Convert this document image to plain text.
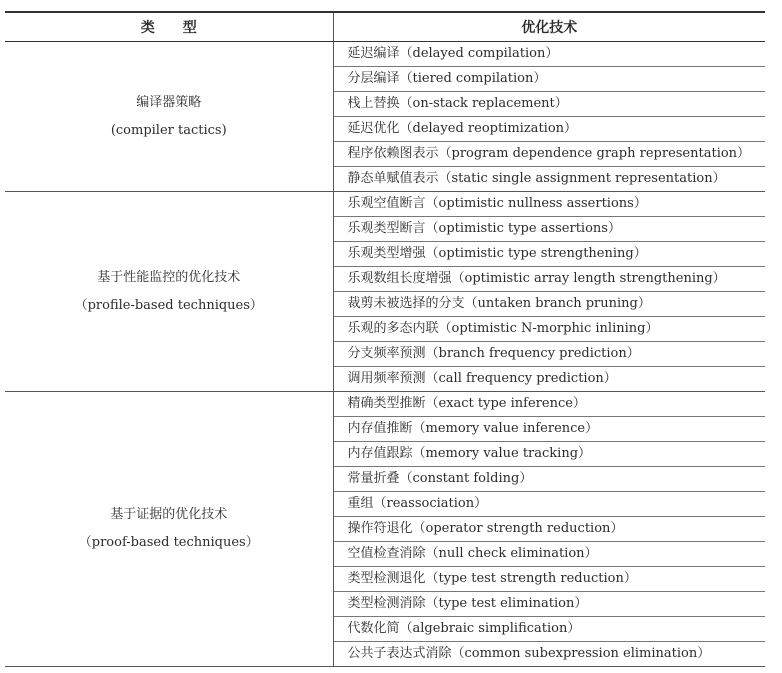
类型	优化技术

编译器策略
(compiler tactics)	延迟编译（delayed compilation）
	分层编译（tiered compilation）
	栈上替换（on-stack replacement）
	延迟优化（delayed reoptimization）
	程序依赖图表示（program dependence graph representation）
	静态单赋值表示（static single assignment representation）

基于性能监控的优化技术
（profile-based techniques）	乐观空值断言（optimistic nullness assertions）
	乐观类型断言（optimistic type assertions）
	乐观类型增强（optimistic type strengthening）
	乐观数组长度增强（optimistic array length strengthening）
	裁剪未被选择的分支（untaken branch pruning）
	乐观的多态内联（optimistic N-morphic inlining）
	分支频率预测（branch frequency prediction）
	调用频率预测（call frequency prediction）

基于证据的优化技术
（proof-based techniques）	精确类型推断（exact type inference）
	内存值推断（memory value inference）
	内存值跟踪（memory value tracking）
	常量折叠（constant folding）
	重组（reassociation）
	操作符退化（operator strength reduction）
	空值检查消除（null check elimination）
	类型检测退化（type test strength reduction）
	类型检测消除（type test elimination）
	代数化简（algebraic simplification）
	公共子表达式消除（common subexpression elimination）
